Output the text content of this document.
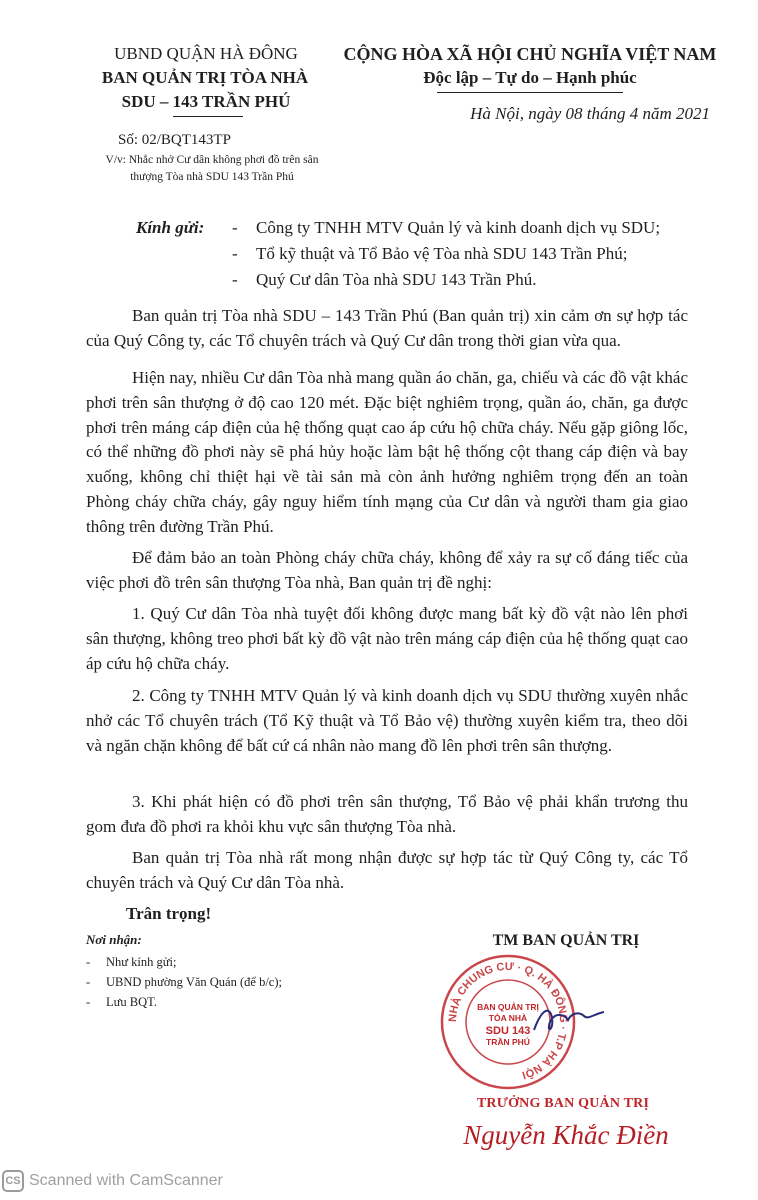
UBND QUẬN HÀ ĐÔNG
BAN QUẢN TRỊ TÒA NHÀ
SDU – 143 TRẦN PHÚ
CỘNG HÒA XÃ HỘI CHỦ NGHĨA VIỆT NAM
Độc lập – Tự do – Hạnh phúc
Hà Nội, ngày 08 tháng 4 năm 2021
Số: 02/BQT143TP
V/v: Nhắc nhở Cư dân không phơi đồ trên sân
thượng Tòa nhà SDU 143 Trần Phú
Kính gửi: - Công ty TNHH MTV Quản lý và kinh doanh dịch vụ SDU;
- Tổ kỹ thuật và Tổ Bảo vệ Tòa nhà SDU 143 Trần Phú;
- Quý Cư dân Tòa nhà SDU 143 Trần Phú.
Ban quản trị Tòa nhà SDU – 143 Trần Phú (Ban quản trị) xin cảm ơn sự hợp tác của Quý Công ty, các Tổ chuyên trách và Quý Cư dân trong thời gian vừa qua.
Hiện nay, nhiều Cư dân Tòa nhà mang quần áo chăn, ga, chiếu và các đồ vật khác phơi trên sân thượng ở độ cao 120 mét. Đặc biệt nghiêm trọng, quần áo, chăn, ga được phơi trên máng cáp điện của hệ thống quạt cao áp cứu hộ chữa cháy. Nếu gặp giông lốc, có thể những đồ phơi này sẽ phá hủy hoặc làm bật hệ thống cột thang cáp điện và bay xuống, không chỉ thiệt hại về tài sản mà còn ảnh hưởng nghiêm trọng đến an toàn Phòng cháy chữa cháy, gây nguy hiểm tính mạng của Cư dân và người tham gia giao thông trên đường Trần Phú.
Để đảm bảo an toàn Phòng cháy chữa cháy, không để xảy ra sự cố đáng tiếc của việc phơi đồ trên sân thượng Tòa nhà, Ban quản trị đề nghị:
1. Quý Cư dân Tòa nhà tuyệt đối không được mang bất kỳ đồ vật nào lên phơi sân thượng, không treo phơi bất kỳ đồ vật nào trên máng cáp điện của hệ thống quạt cao áp cứu hộ chữa cháy.
2. Công ty TNHH MTV Quản lý và kinh doanh dịch vụ SDU thường xuyên nhắc nhở các Tổ chuyên trách (Tổ Kỹ thuật và Tổ Bảo vệ) thường xuyên kiểm tra, theo dõi và ngăn chặn không để bất cứ cá nhân nào mang đồ lên phơi trên sân thượng.
3. Khi phát hiện có đồ phơi trên sân thượng, Tổ Bảo vệ phải khẩn trương thu gom đưa đồ phơi ra khỏi khu vực sân thượng Tòa nhà.
Ban quản trị Tòa nhà rất mong nhận được sự hợp tác từ Quý Công ty, các Tổ chuyên trách và Quý Cư dân Tòa nhà.
Trân trọng!
Nơi nhận:
- Như kính gửi;
- UBND phường Văn Quán (để b/c);
- Lưu BQT.
TM BAN QUẢN TRỊ
NHÀ CHUNG CƯ · Q. HÀ ĐÔNG · T.P HÀ NỘI
BAN QUẢN TRỊ
TÒA NHÀ
SDU 143
TRẦN PHÚ
TRƯỞNG BAN QUẢN TRỊ
Nguyễn Khắc Điền
CS Scanned with CamScanner
